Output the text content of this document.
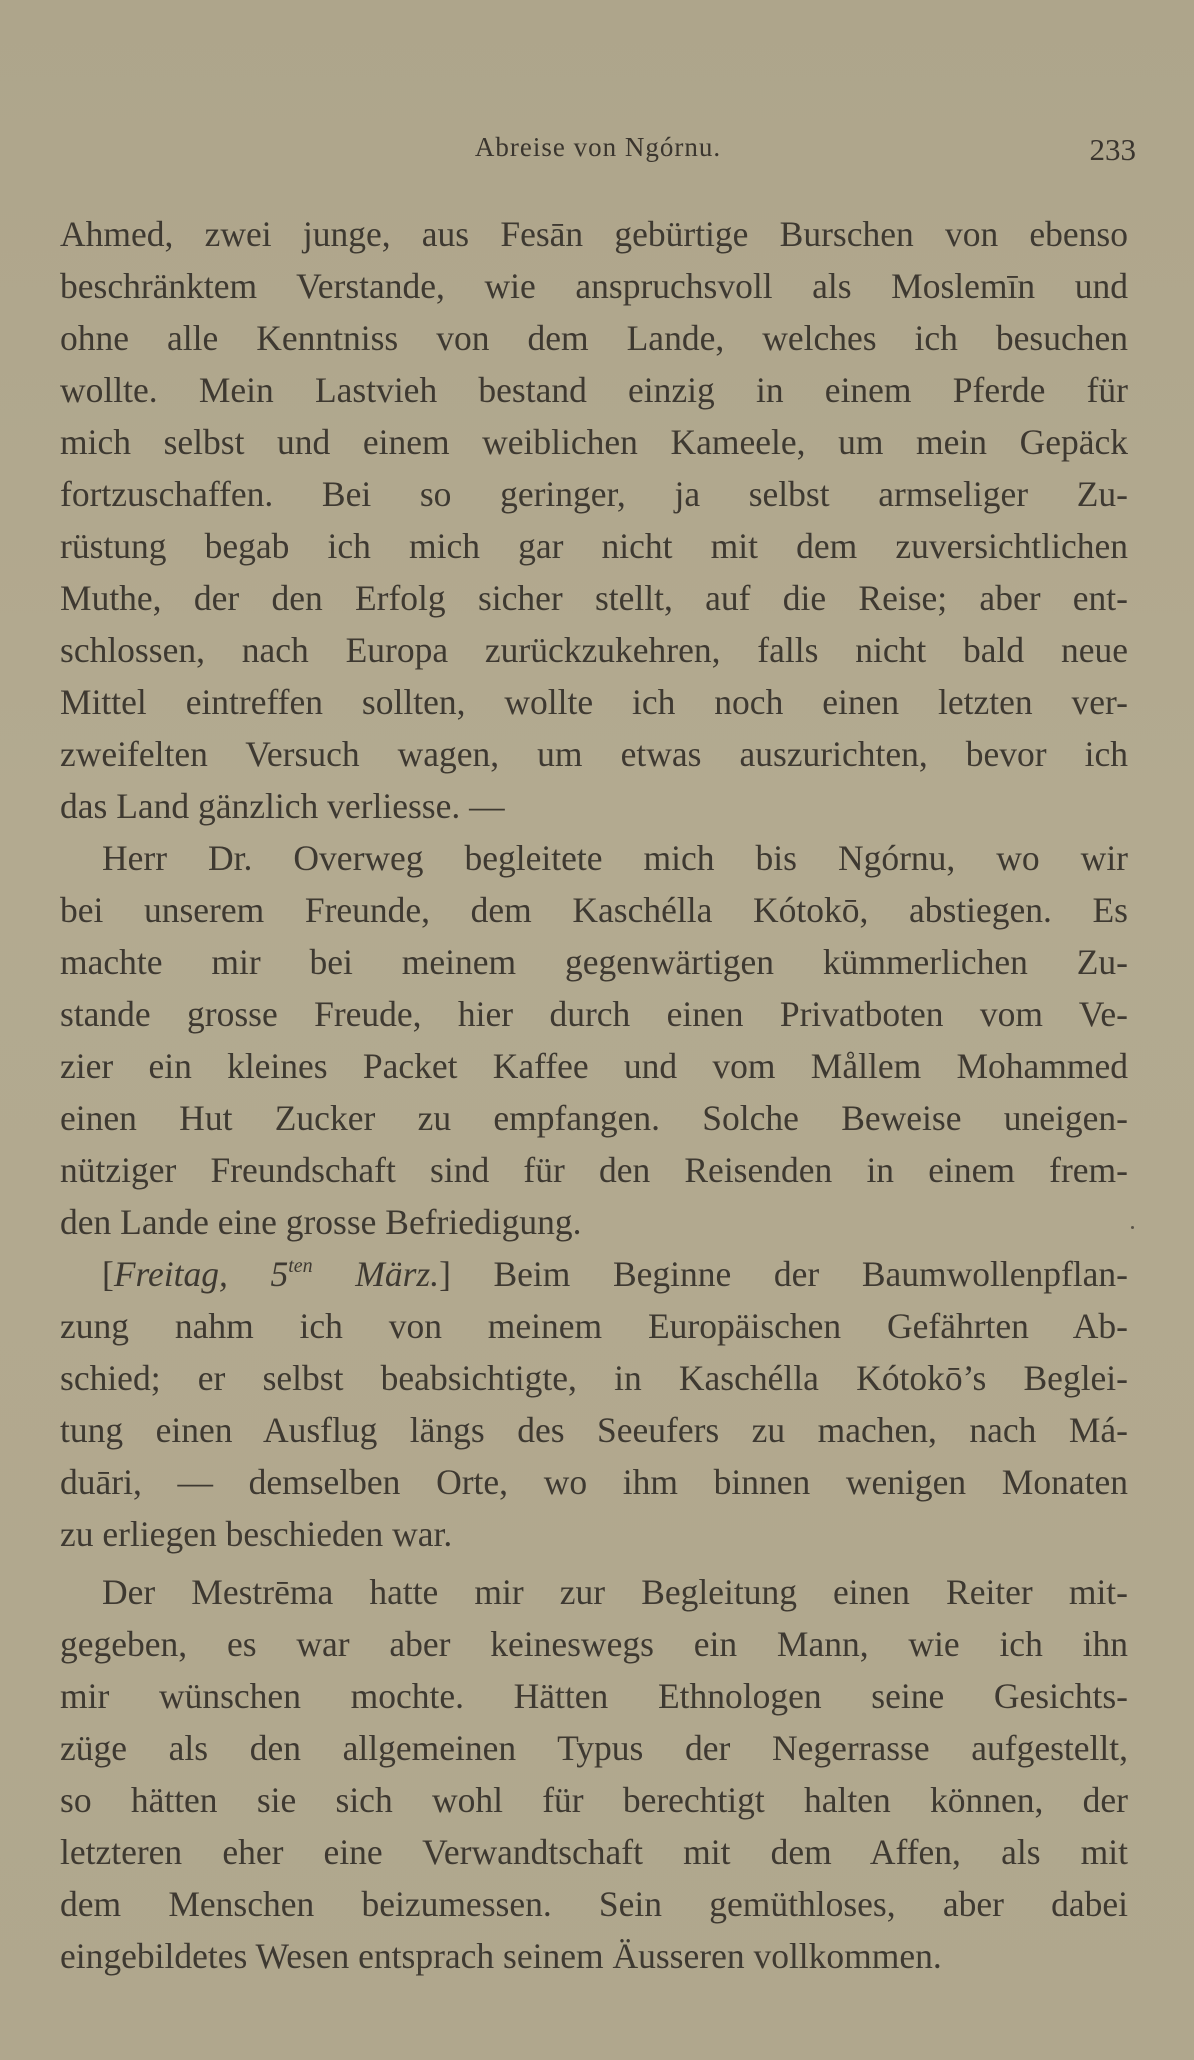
Abreise von Ngórnu.	233
Ahmed, zwei junge, aus Fesān gebürtige Burschen von ebenso
beschränktem Verstande, wie anspruchsvoll als Moslemīn und
ohne alle Kenntniss von dem Lande, welches ich besuchen
wollte. Mein Lastvieh bestand einzig in einem Pferde für
mich selbst und einem weiblichen Kameele, um mein Gepäck
fortzuschaffen. Bei so geringer, ja selbst armseliger Zu-
rüstung begab ich mich gar nicht mit dem zuversichtlichen
Muthe, der den Erfolg sicher stellt, auf die Reise; aber ent-
schlossen, nach Europa zurückzukehren, falls nicht bald neue
Mittel eintreffen sollten, wollte ich noch einen letzten ver-
zweifelten Versuch wagen, um etwas auszurichten, bevor ich
das Land gänzlich verliesse. —
Herr Dr. Overweg begleitete mich bis Ngórnu, wo wir
bei unserem Freunde, dem Kaschélla Kótokō, abstiegen. Es
machte mir bei meinem gegenwärtigen kümmerlichen Zu-
stande grosse Freude, hier durch einen Privatboten vom Ve-
zier ein kleines Packet Kaffee und vom Mållem Mohammed
einen Hut Zucker zu empfangen. Solche Beweise uneigen-
nütziger Freundschaft sind für den Reisenden in einem frem-
den Lande eine grosse Befriedigung.
[Freitag, $5^{ten}$ März.] Beim Beginne der Baumwollenpflan-
zung nahm ich von meinem Europäischen Gefährten Ab-
schied; er selbst beabsichtigte, in Kaschélla Kótokō’s Beglei-
tung einen Ausflug längs des Seeufers zu machen, nach Má-
duāri, — demselben Orte, wo ihm binnen wenigen Monaten
zu erliegen beschieden war.
Der Mestrēma hatte mir zur Begleitung einen Reiter mit-
gegeben, es war aber keineswegs ein Mann, wie ich ihn
mir wünschen mochte. Hätten Ethnologen seine Gesichts-
züge als den allgemeinen Typus der Negerrasse aufgestellt,
so hätten sie sich wohl für berechtigt halten können, der
letzteren eher eine Verwandtschaft mit dem Affen, als mit
dem Menschen beizumessen. Sein gemüthloses, aber dabei
eingebildetes Wesen entsprach seinem Äusseren vollkommen.
